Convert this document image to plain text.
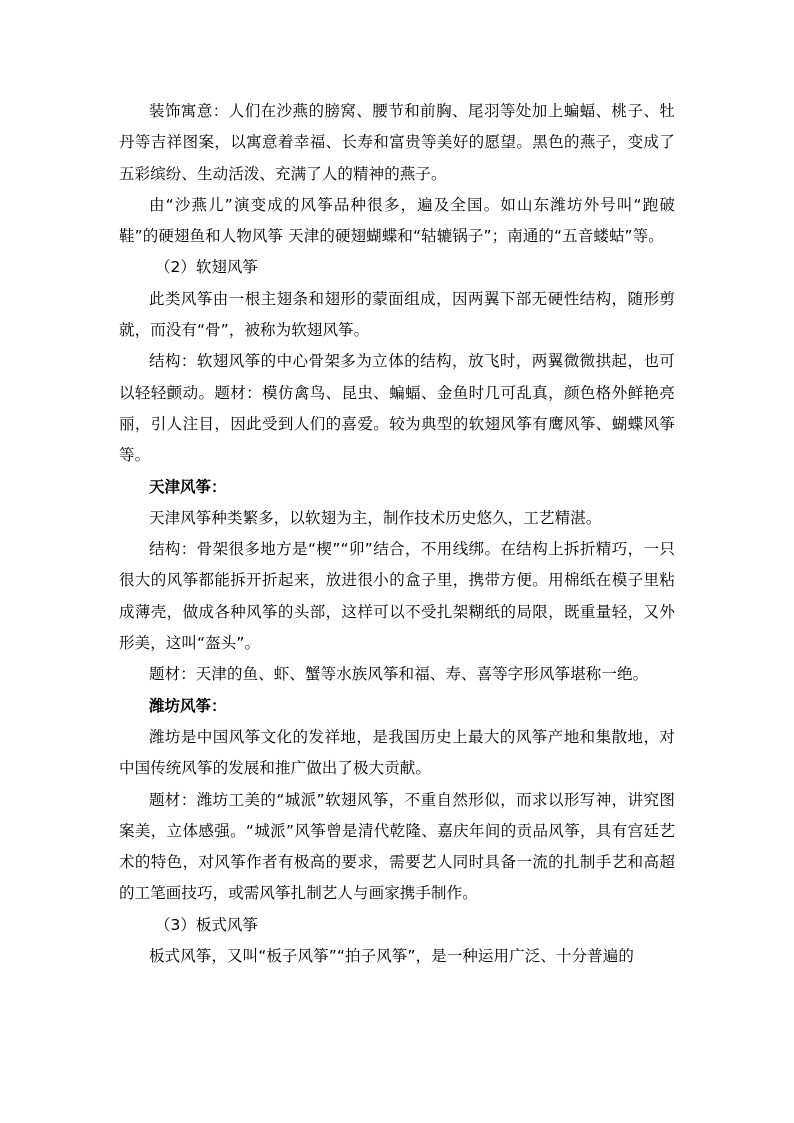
装饰寓意：人们在沙燕的膀窝、腰节和前胸、尾羽等处加上蝙蝠、桃子、牡丹等吉祥图案，以寓意着幸福、长寿和富贵等美好的愿望。黑色的燕子，变成了五彩缤纷、生动活泼、充满了人的精神的燕子。

由“沙燕儿”演变成的风筝品种很多，遍及全国。如山东潍坊外号叫“跑破鞋”的硬翅鱼和人物风筝 天津的硬翅蝴蝶和“轱辘锅子”；南通的“五音蝼蛄”等。

（2）软翅风筝

此类风筝由一根主翅条和翅形的蒙面组成，因两翼下部无硬性结构，随形剪就，而没有“骨”，被称为软翅风筝。

结构：软翅风筝的中心骨架多为立体的结构，放飞时，两翼微微拱起，也可以轻轻颤动。题材：模仿禽鸟、昆虫、蝙蝠、金鱼时几可乱真，颜色格外鲜艳亮丽，引人注目，因此受到人们的喜爱。较为典型的软翅风筝有鹰风筝、蝴蝶风筝等。

天津风筝：

天津风筝种类繁多，以软翅为主，制作技术历史悠久，工艺精湛。

结构：骨架很多地方是“楔”“卯”结合，不用线绑。在结构上拆折精巧，一只很大的风筝都能拆开折起来，放进很小的盒子里，携带方便。用棉纸在模子里粘成薄壳，做成各种风筝的头部，这样可以不受扎架糊纸的局限，既重量轻，又外形美，这叫“盔头”。

题材：天津的鱼、虾、蟹等水族风筝和福、寿、喜等字形风筝堪称一绝。

潍坊风筝：

潍坊是中国风筝文化的发祥地，是我国历史上最大的风筝产地和集散地，对中国传统风筝的发展和推广做出了极大贡献。

题材：潍坊工美的“城派”软翅风筝，不重自然形似，而求以形写神，讲究图案美，立体感强。“城派”风筝曾是清代乾隆、嘉庆年间的贡品风筝，具有宫廷艺术的特色，对风筝作者有极高的要求，需要艺人同时具备一流的扎制手艺和高超的工笔画技巧，或需风筝扎制艺人与画家携手制作。

（3）板式风筝

板式风筝，又叫“板子风筝”“拍子风筝”，是一种运用广泛、十分普遍的
